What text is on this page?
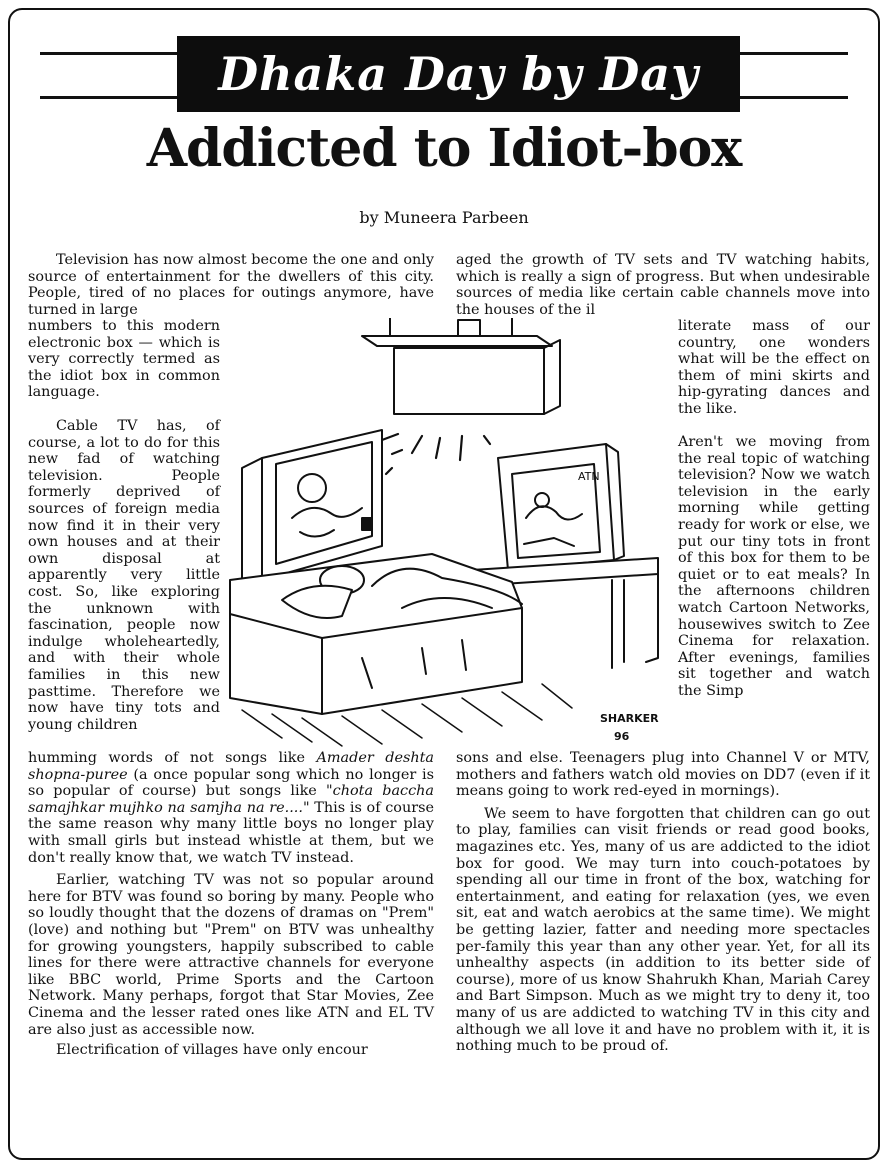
Dhaka Day by Day
Addicted to Idiot-box
by Muneera Parbeen
Television has now almost become the one and only source of entertainment for the dwellers of this city. People, tired of no places for outings anymore, have turned in large
numbers to this modern electronic box — which is very correctly termed as the idiot box in common language.
Cable TV has, of course, a lot to do for this new fad of watching television. People formerly deprived of sources of foreign media now find it in their very own houses and at their own disposal at apparently very little cost. So, like exploring the unknown with fascination, people now indulge wholeheartedly, and with their whole families in this new pasttime. Therefore we now have tiny tots and young children

humming words of not songs like Amader deshta shopna-puree (a once popular song which no longer is so popular of course) but songs like "chota baccha samajhkar mujhko na samjha na re...." This is of course the same reason why many little boys no longer play with small girls but instead whistle at them, but we don't really know that, we watch TV instead.

Earlier, watching TV was not so popular around here for BTV was found so boring by many. People who so loudly thought that the dozens of dramas on "Prem" (love) and nothing but "Prem" on BTV was unhealthy for growing youngsters, happily subscribed to cable lines for there were attractive channels for everyone like BBC world, Prime Sports and the Cartoon Network. Many perhaps, forgot that Star Movies, Zee Cinema and the lesser rated ones like ATN and EL TV are also just as accessible now.

Electrification of villages have only encour

aged the growth of TV sets and TV watching habits, which is really a sign of progress. But when undesirable sources of media like certain cable channels move into the houses of the il
literate mass of our country, one wonders what will be the effect on them of mini skirts and hip-gyrating dances and the like.
Aren't we moving from the real topic of watching television? Now we watch television in the early morning while getting ready for work or else, we put our tiny tots in front of this box for them to be quiet or to eat meals? In the afternoons children watch Cartoon Networks, housewives switch to Zee Cinema for relaxation. After evenings, families sit together and watch the Simp

sons and else. Teenagers plug into Channel V or MTV, mothers and fathers watch old movies on DD7 (even if it means going to work red-eyed in mornings).

We seem to have forgotten that children can go out to play, families can visit friends or read good books, magazines etc. Yes, many of us are addicted to the idiot box for good. We may turn into couch-potatoes by spending all our time in front of the box, watching for entertainment, and eating for relaxation (yes, we even sit, eat and watch aerobics at the same time). We might be getting lazier, fatter and needing more spectacles per-family this year than any other year. Yet, for all its unhealthy aspects (in addition to its better side of course), more of us know Shahrukh Khan, Mariah Carey and Bart Simpson. Much as we might try to deny it, too many of us are addicted to watching TV in this city and although we all love it and have no problem with it, it is nothing much to be proud of.

ATN
SHARKER
96
